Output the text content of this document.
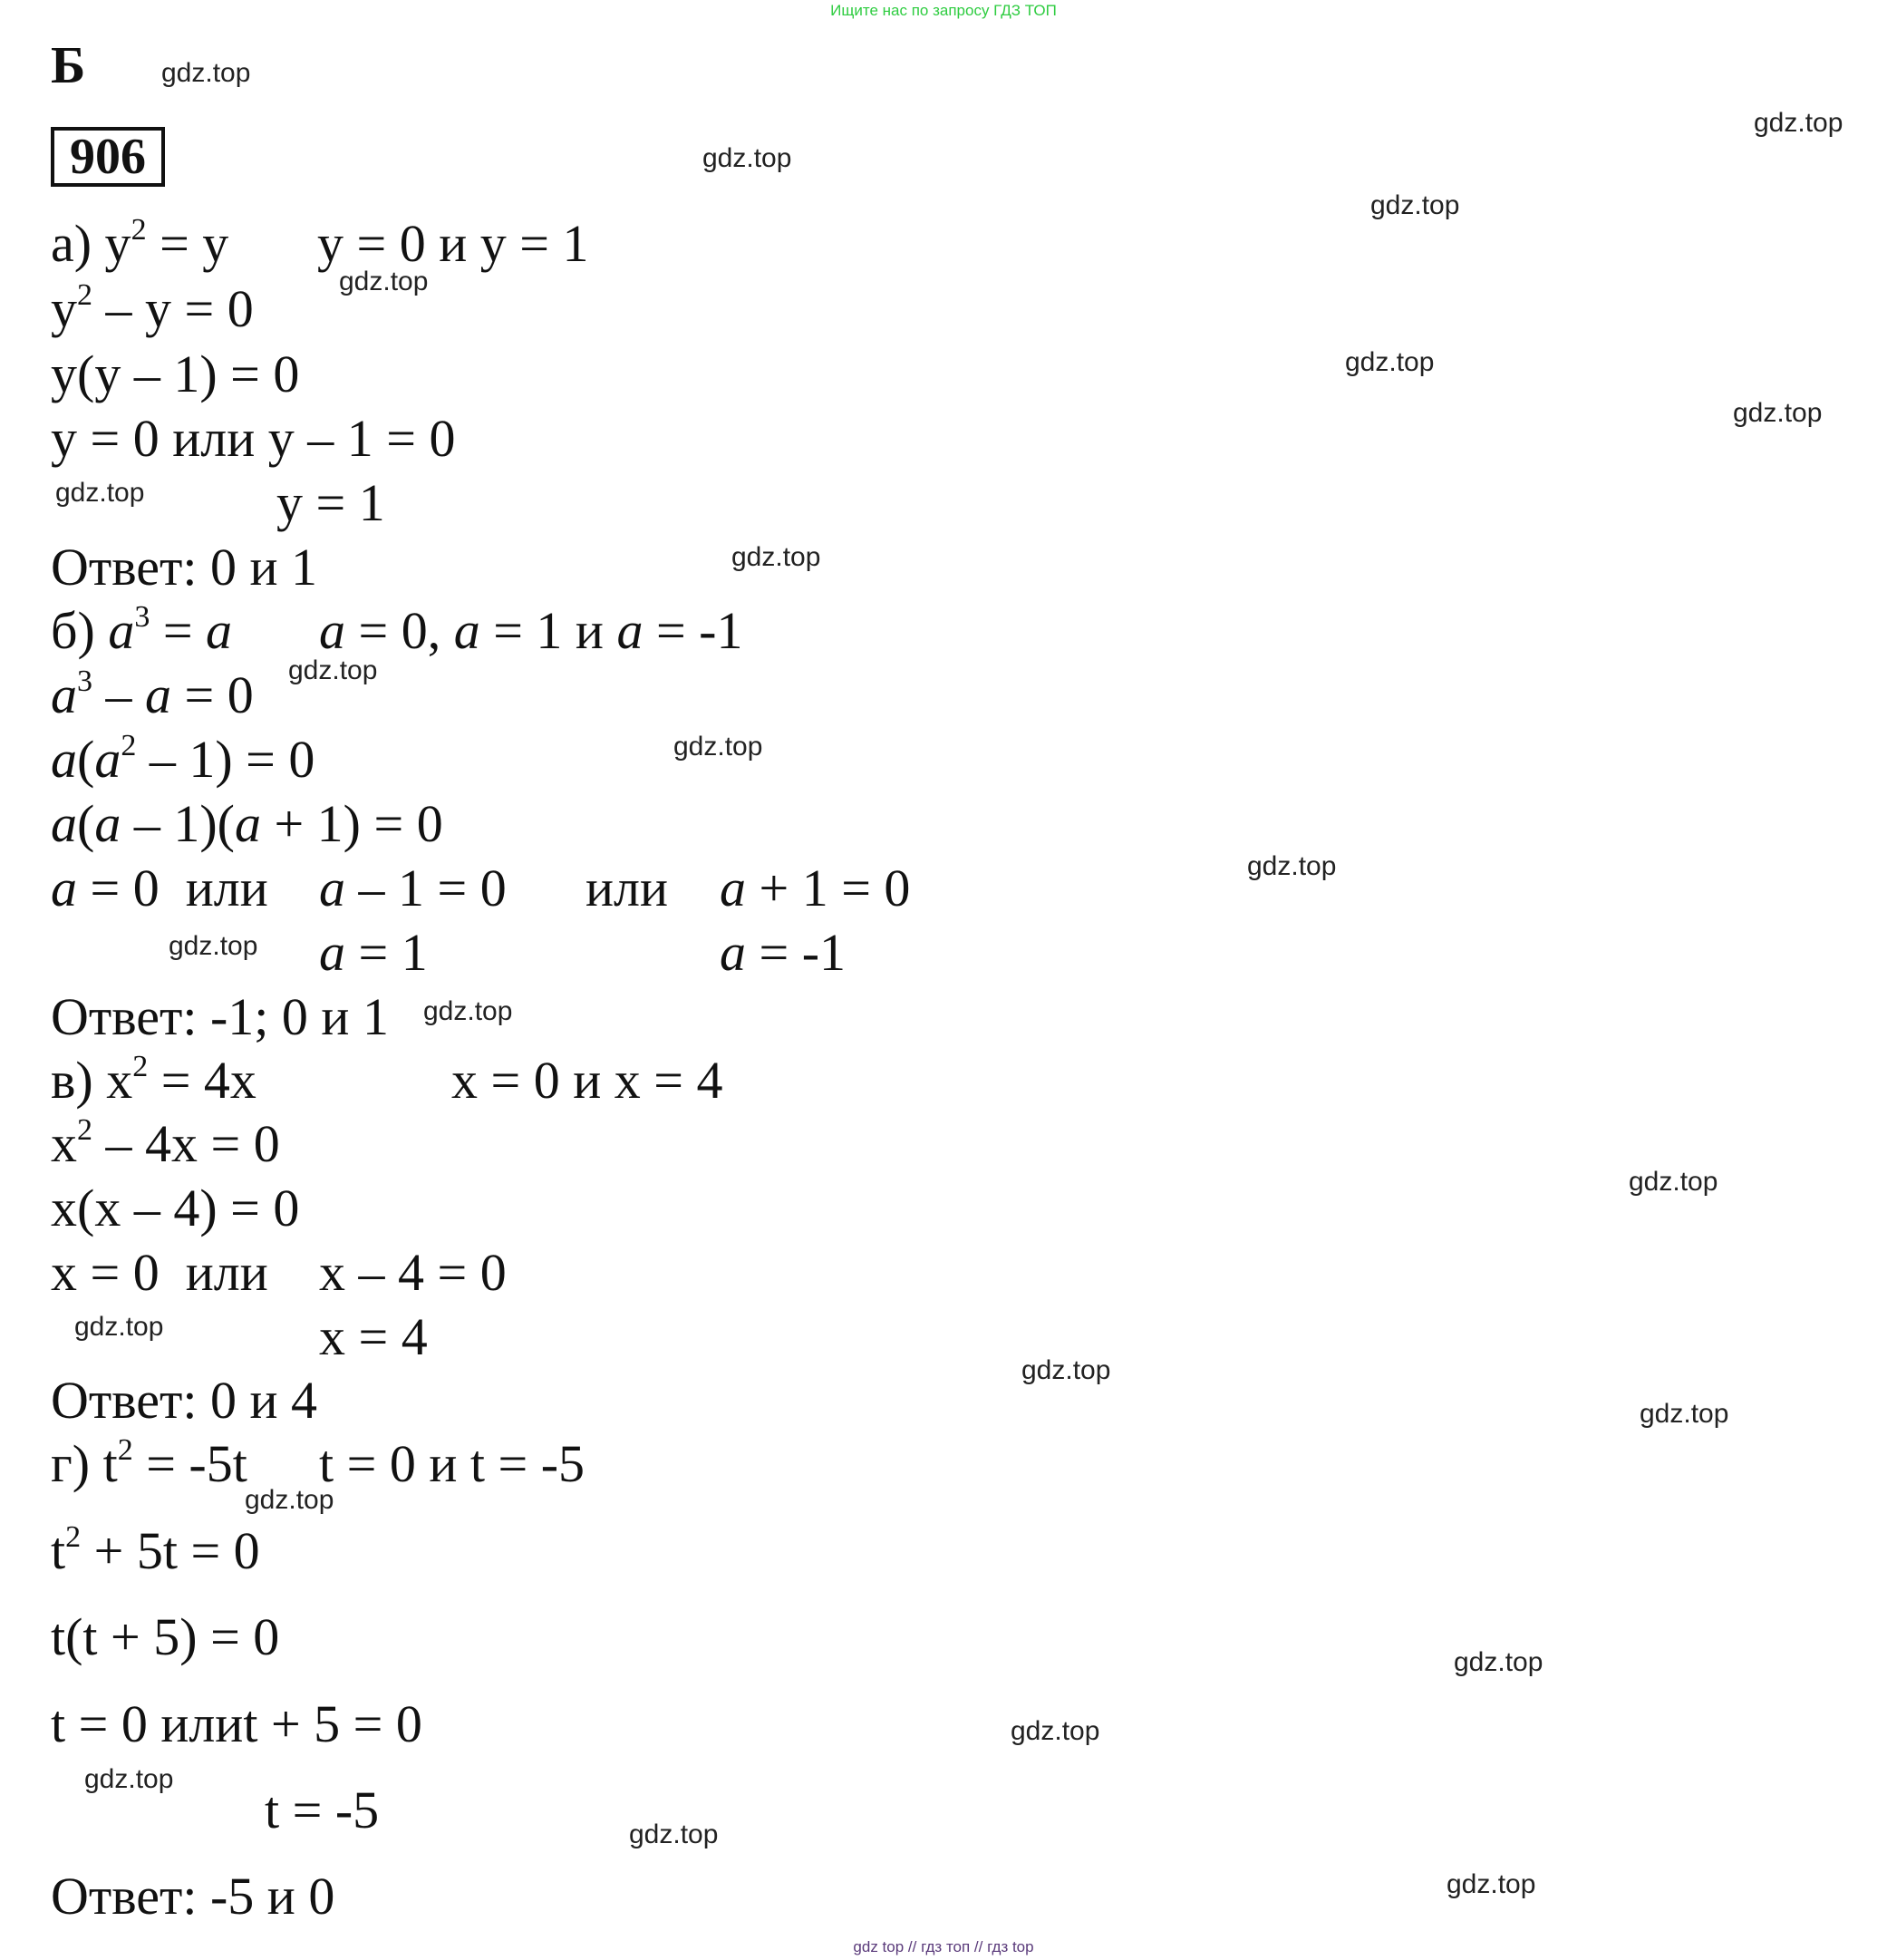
Ищите нас по запросу ГДЗ ТОП
Б
906
а) $y^2 = y$ y = 0 и y = 1
$y^2 - y = 0$
y(y – 1) = 0
y = 0 или y – 1 = 0
y = 1
Ответ: 0 и 1
б) $a^3 = a$ a = 0, a = 1 и a = -1
$a^3 - a = 0$
$a(a^2 - 1) = 0$
a(a – 1)(a + 1) = 0
a = 0  или a – 1 = 0 или a + 1 = 0
a = 1	a = -1
Ответ: -1; 0 и 1
в) $x^2 = 4x$	x = 0 и x = 4
$x^2 - 4x = 0$
x(x – 4) = 0
x = 0  или x – 4 = 0
x = 4
Ответ: 0 и 4
г) $t^2 = -5t$ t = 0 и t = -5
$t^2 + 5t = 0$
t(t + 5) = 0
t = 0 илиt + 5 = 0
t = -5
Ответ: -5 и 0
gdz.top
gdz.top
gdz.top
gdz.top
gdz.top
gdz.top
gdz.top
gdz.top
gdz.top
gdz.top
gdz.top
gdz.top
gdz.top
gdz.top
gdz.top
gdz.top
gdz.top
gdz.top
gdz.top
gdz.top
gdz.top
gdz.top
gdz.top
gdz.top
gdz top // гдз топ // гдз top
